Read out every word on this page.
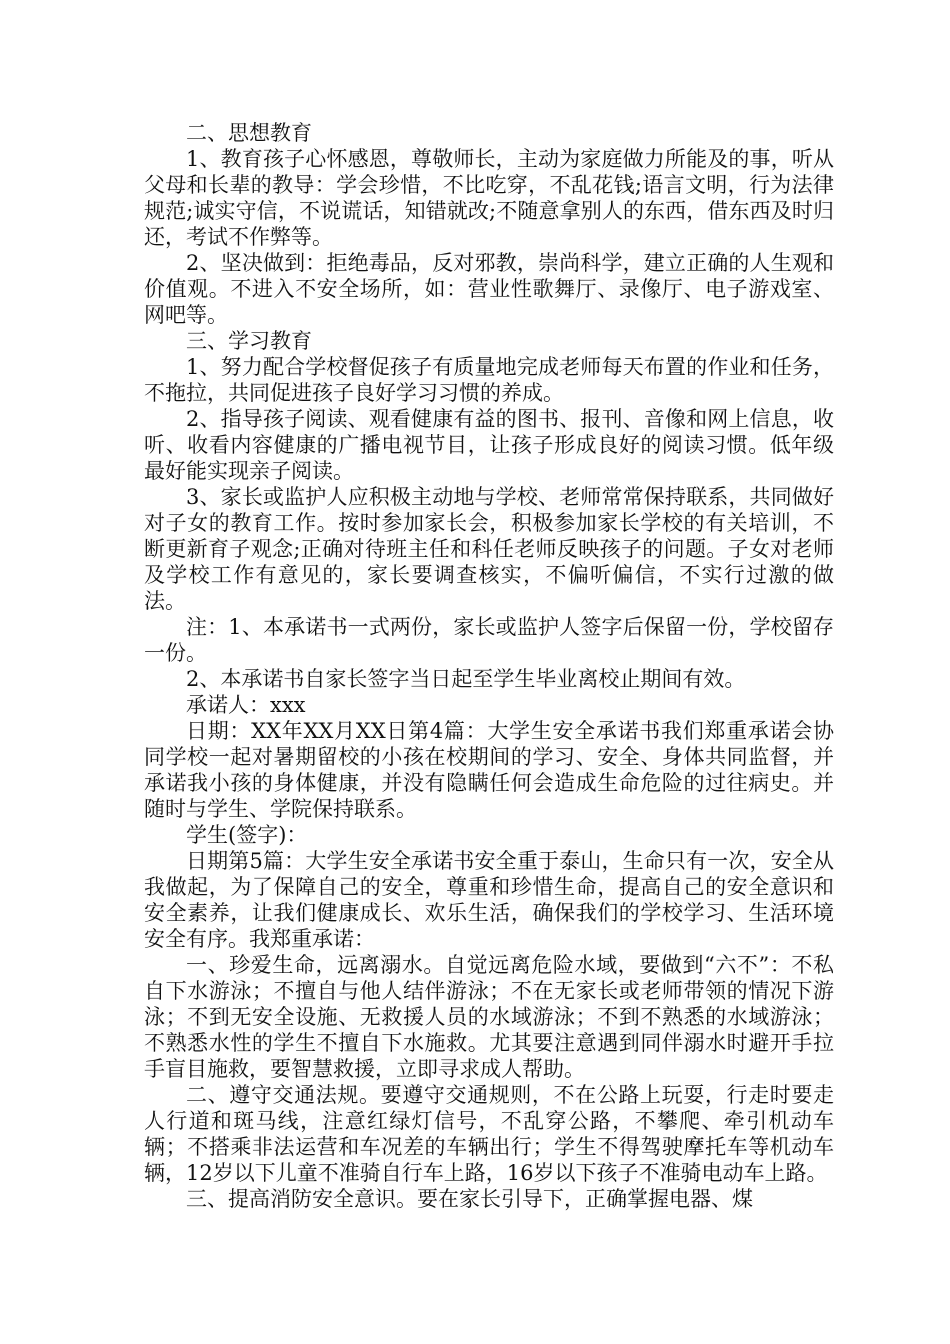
二、思想教育

1、教育孩子心怀感恩，尊敬师长，主动为家庭做力所能及的事，听从父母和长辈的教导：学会珍惜，不比吃穿，不乱花钱;语言文明，行为法律规范;诚实守信，不说谎话，知错就改;不随意拿别人的东西，借东西及时归还，考试不作弊等。

2、坚决做到：拒绝毒品，反对邪教，崇尚科学，建立正确的人生观和价值观。不进入不安全场所，如：营业性歌舞厅、录像厅、电子游戏室、网吧等。

三、学习教育

1、努力配合学校督促孩子有质量地完成老师每天布置的作业和任务，不拖拉，共同促进孩子良好学习习惯的养成。

2、指导孩子阅读、观看健康有益的图书、报刊、音像和网上信息，收听、收看内容健康的广播电视节目，让孩子形成良好的阅读习惯。低年级最好能实现亲子阅读。

3、家长或监护人应积极主动地与学校、老师常常保持联系，共同做好对子女的教育工作。按时参加家长会，积极参加家长学校的有关培训，不断更新育子观念;正确对待班主任和科任老师反映孩子的问题。子女对老师及学校工作有意见的，家长要调查核实，不偏听偏信，不实行过激的做法。

注：1、本承诺书一式两份，家长或监护人签字后保留一份，学校留存一份。

2、本承诺书自家长签字当日起至学生毕业离校止期间有效。

承诺人：xxx

日期：XX年XX月XX日第4篇：大学生安全承诺书我们郑重承诺会协同学校一起对暑期留校的小孩在校期间的学习、安全、身体共同监督，并承诺我小孩的身体健康，并没有隐瞒任何会造成生命危险的过往病史。并随时与学生、学院保持联系。

学生(签字)：

日期第5篇：大学生安全承诺书安全重于泰山，生命只有一次，安全从我做起，为了保障自己的安全，尊重和珍惜生命，提高自己的安全意识和安全素养，让我们健康成长、欢乐生活，确保我们的学校学习、生活环境安全有序。我郑重承诺：

一、珍爱生命，远离溺水。自觉远离危险水域，要做到“六不”：不私自下水游泳；不擅自与他人结伴游泳；不在无家长或老师带领的情况下游泳；不到无安全设施、无救援人员的水域游泳；不到不熟悉的水域游泳；不熟悉水性的学生不擅自下水施救。尤其要注意遇到同伴溺水时避开手拉手盲目施救，要智慧救援，立即寻求成人帮助。

二、遵守交通法规。要遵守交通规则，不在公路上玩耍，行走时要走人行道和斑马线，注意红绿灯信号，不乱穿公路，不攀爬、牵引机动车辆；不搭乘非法运营和车况差的车辆出行；学生不得驾驶摩托车等机动车辆，12岁以下儿童不准骑自行车上路，16岁以下孩子不准骑电动车上路。

三、提高消防安全意识。要在家长引导下，正确掌握电器、煤
